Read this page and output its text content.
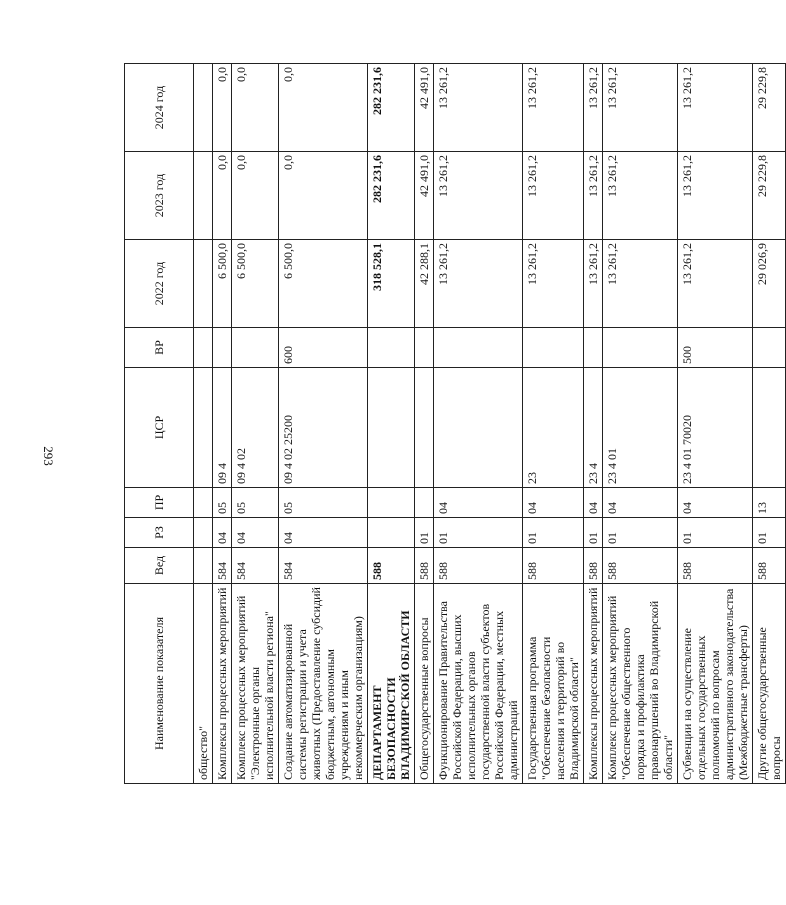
293
Наименование показателя	Вед	РЗ	ПР	ЦСР	ВР	2022 год	2023 год	2024 год
общество"								
Комплексы процессных мероприятий	584	04	05	09 4		6 500,0	0,0	0,0
Комплекс процессных мероприятий "Электронные органы исполнительной власти региона"	584	04	05	09 4 02		6 500,0	0,0	0,0
Создание автоматизированной системы регистрации и учета животных (Предоставление субсидий бюджетным, автономным учреждениям и иным некоммерческим организациям)	584	04	05	09 4 02 25200	600	6 500,0	0,0	0,0
ДЕПАРТАМЕНТ БЕЗОПАСНОСТИ ВЛАДИМИРСКОЙ ОБЛАСТИ	588					318 528,1	282 231,6	282 231,6
Общегосударственные вопросы	588	01				42 288,1	42 491,0	42 491,0
Функционирование Правительства Российской Федерации, высших исполнительных органов государственной власти субъектов Российской Федерации, местных администраций	588	01	04			13 261,2	13 261,2	13 261,2
Государственная программа "Обеспечение безопасности населения и территорий во Владимирской области"	588	01	04	23		13 261,2	13 261,2	13 261,2
Комплексы процессных мероприятий	588	01	04	23 4		13 261,2	13 261,2	13 261,2
Комплекс процессных мероприятий "Обеспечение общественного порядка и профилактика правонарушений во Владимирской области"	588	01	04	23 4 01		13 261,2	13 261,2	13 261,2
Субвенции на осуществление отдельных государственных полномочий по вопросам административного законодательства (Межбюджетные трансферты)	588	01	04	23 4 01 70020	500	13 261,2	13 261,2	13 261,2
Другие общегосударственные вопросы	588	01	13			29 026,9	29 229,8	29 229,8
